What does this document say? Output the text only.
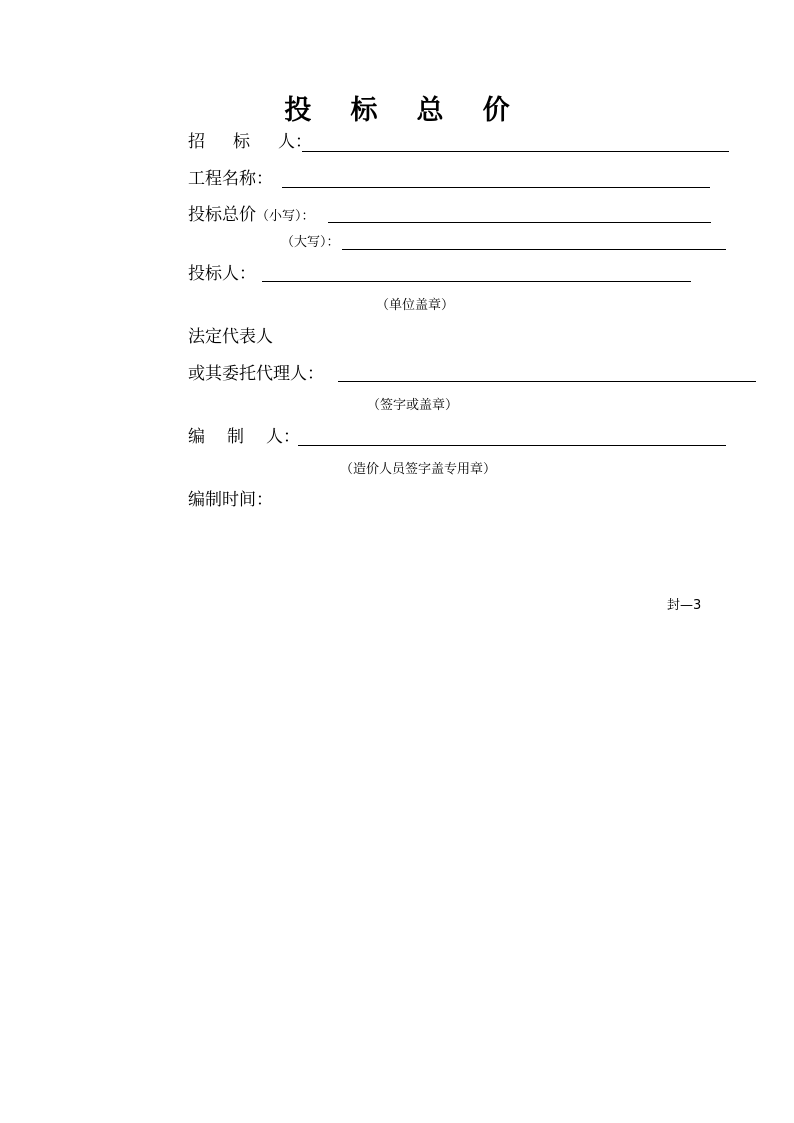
投 标 总 价
招 标 人：
工程名称：
投标总价（小写）：
（大写）：
投标人：
（单位盖章）
法定代表人
或其委托代理人：
（签字或盖章）
编 制 人：
（造价人员签字盖专用章）
编制时间：
封—3
